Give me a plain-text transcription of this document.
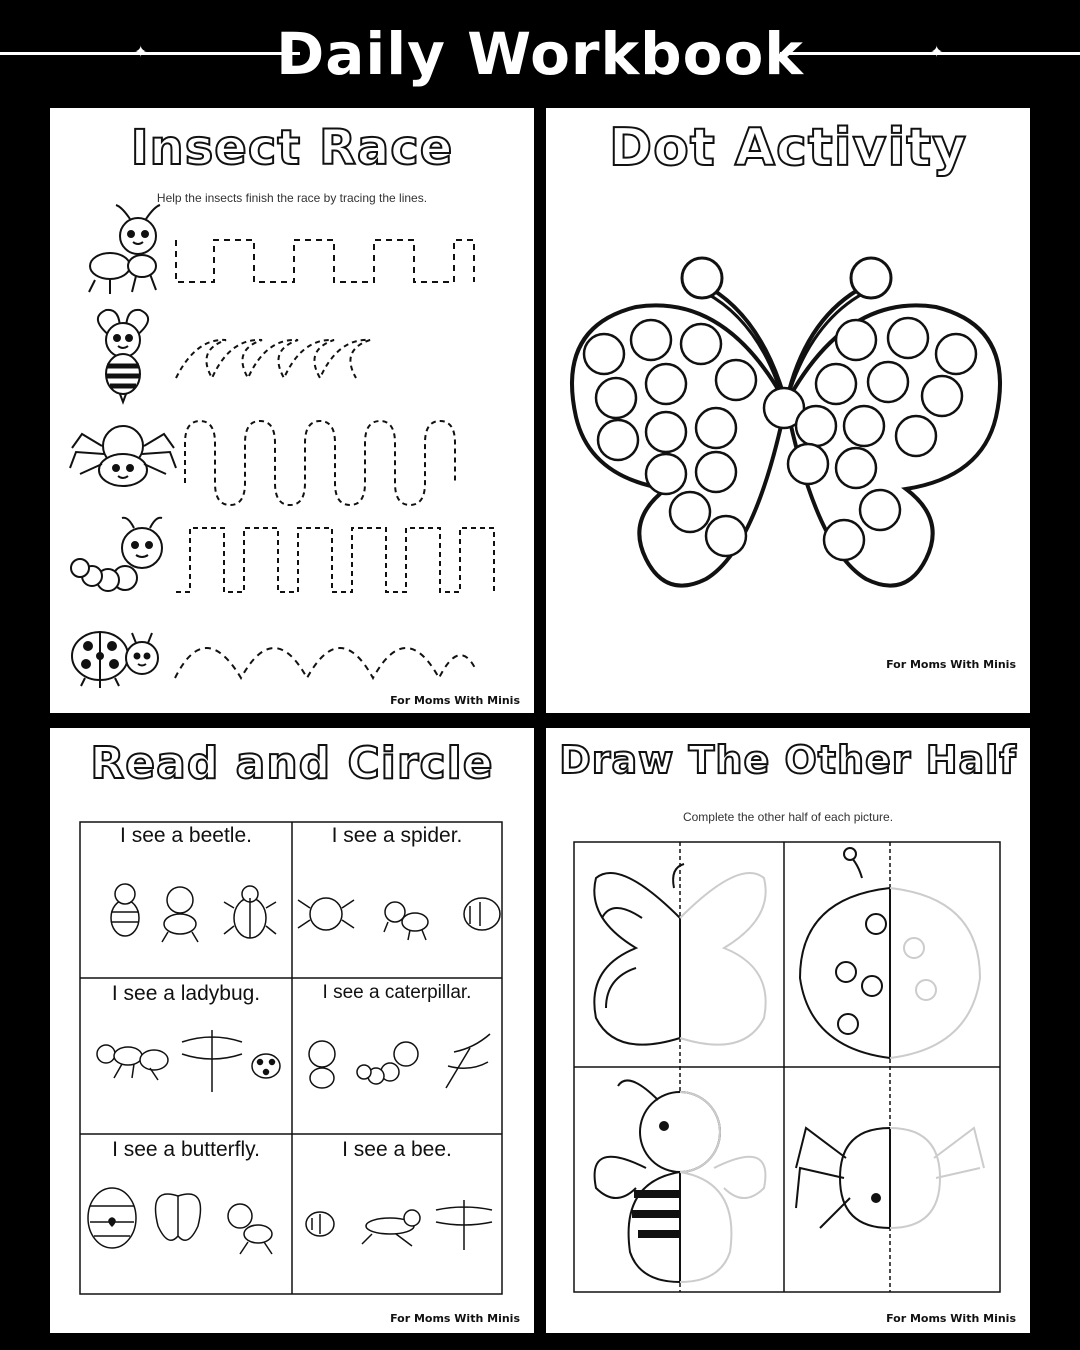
✦	✦
Daily Workbook
Insect Race
Help the insects finish the race by tracing the lines.
For Moms With Minis
Dot Activity
For Moms With Minis
Read and Circle
I see a beetle.	I see a spider.
I see a ladybug.	I see a caterpillar.
I see a butterfly.	I see a bee.
For Moms With Minis
Draw The Other Half
Complete the other half of each picture.
For Moms With Minis
